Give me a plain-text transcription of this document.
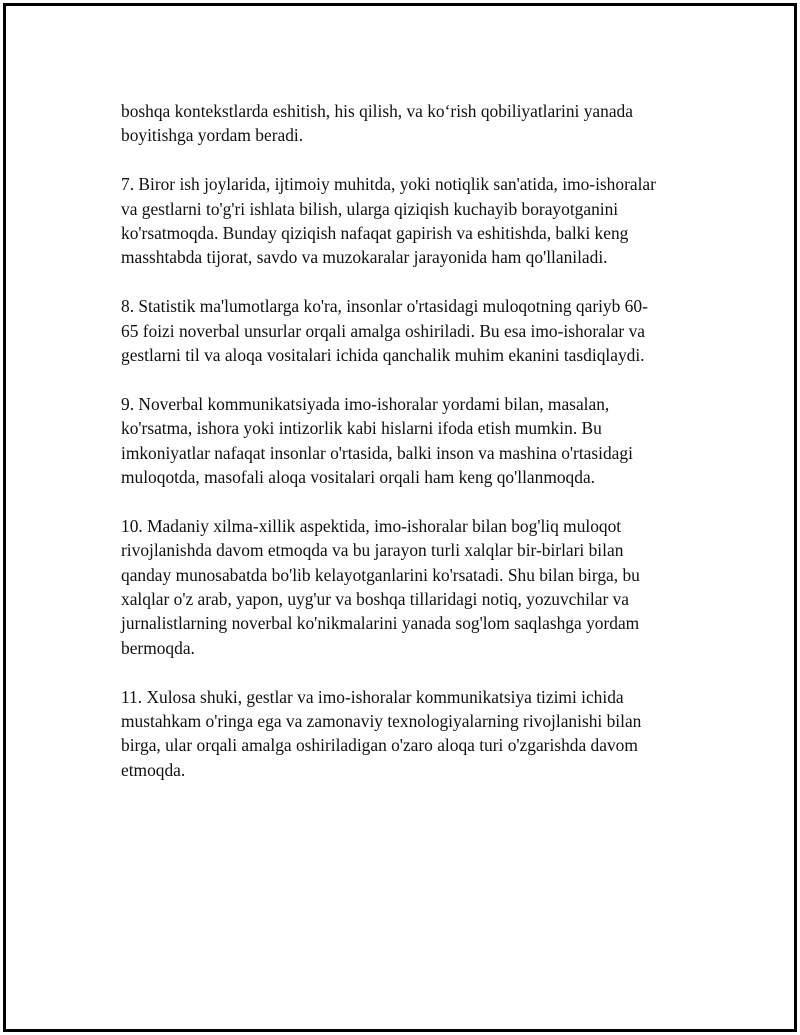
boshqa kontekstlarda eshitish, his qilish, va ko‘rish qobiliyatlarini yanada
boyitishga yordam beradi.

7. Biror ish joylarida, ijtimoiy muhitda, yoki notiqlik san'atida, imo-ishoralar
va gestlarni to'g'ri ishlata bilish, ularga qiziqish kuchayib borayotganini
ko'rsatmoqda. Bunday qiziqish nafaqat gapirish va eshitishda, balki keng
masshtabda tijorat, savdo va muzokaralar jarayonida ham qo'llaniladi.

8. Statistik ma'lumotlarga ko'ra, insonlar o'rtasidagi muloqotning qariyb 60-
65 foizi noverbal unsurlar orqali amalga oshiriladi. Bu esa imo-ishoralar va
gestlarni til va aloqa vositalari ichida qanchalik muhim ekanini tasdiqlaydi.

9. Noverbal kommunikatsiyada imo-ishoralar yordami bilan, masalan,
ko'rsatma, ishora yoki intizorlik kabi hislarni ifoda etish mumkin. Bu
imkoniyatlar nafaqat insonlar o'rtasida, balki inson va mashina o'rtasidagi
muloqotda, masofali aloqa vositalari orqali ham keng qo'llanmoqda.

10. Madaniy xilma-xillik aspektida, imo-ishoralar bilan bog'liq muloqot
rivojlanishda davom etmoqda va bu jarayon turli xalqlar bir-birlari bilan
qanday munosabatda bo'lib kelayotganlarini ko'rsatadi. Shu bilan birga, bu
xalqlar o'z arab, yapon, uyg'ur va boshqa tillaridagi notiq, yozuvchilar va
jurnalistlarning noverbal ko'nikmalarini yanada sog'lom saqlashga yordam
bermoqda.

11. Xulosa shuki, gestlar va imo-ishoralar kommunikatsiya tizimi ichida
mustahkam o'ringa ega va zamonaviy texnologiyalarning rivojlanishi bilan
birga, ular orqali amalga oshiriladigan o'zaro aloqa turi o'zgarishda davom
etmoqda.
